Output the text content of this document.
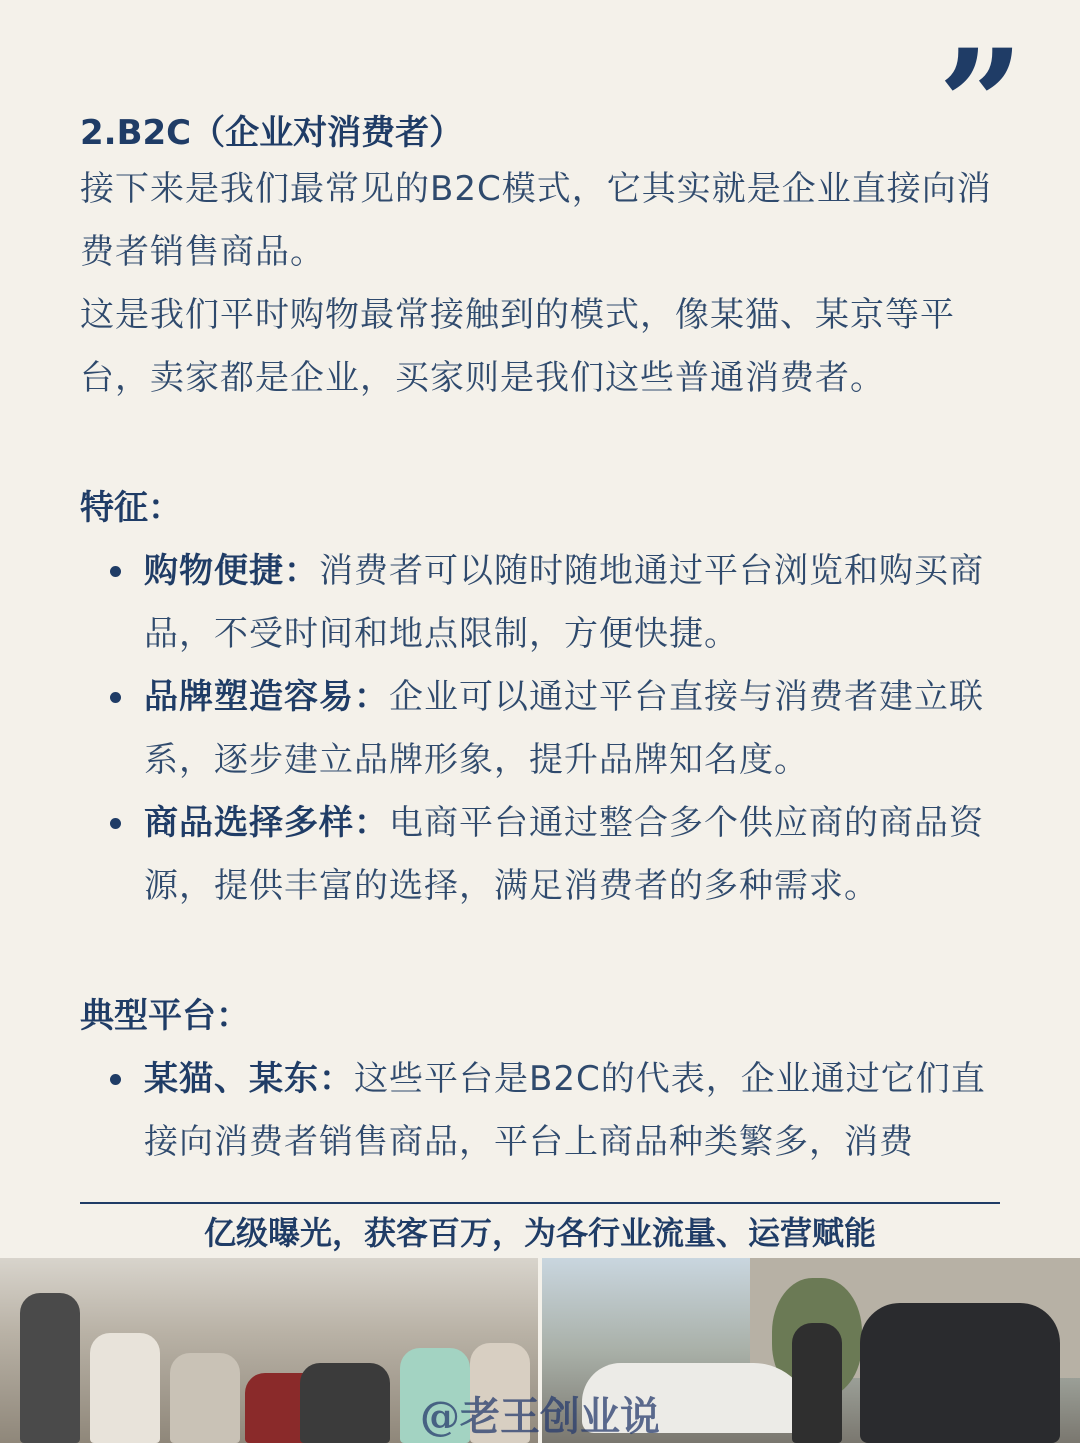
”
2.B2C（企业对消费者）

接下来是我们最常见的B2C模式，它其实就是企业直接向消费者销售商品。

这是我们平时购物最常接触到的模式，像某猫、某京等平台，卖家都是企业，买家则是我们这些普通消费者。

特征：
购物便捷：消费者可以随时随地通过平台浏览和购买商品，不受时间和地点限制，方便快捷。
品牌塑造容易：企业可以通过平台直接与消费者建立联系，逐步建立品牌形象，提升品牌知名度。
商品选择多样：电商平台通过整合多个供应商的商品资源，提供丰富的选择，满足消费者的多种需求。
典型平台：
某猫、某东：这些平台是B2C的代表，企业通过它们直接向消费者销售商品，平台上商品种类繁多，消费
亿级曝光，获客百万，为各行业流量、运营赋能
@老王创业说
